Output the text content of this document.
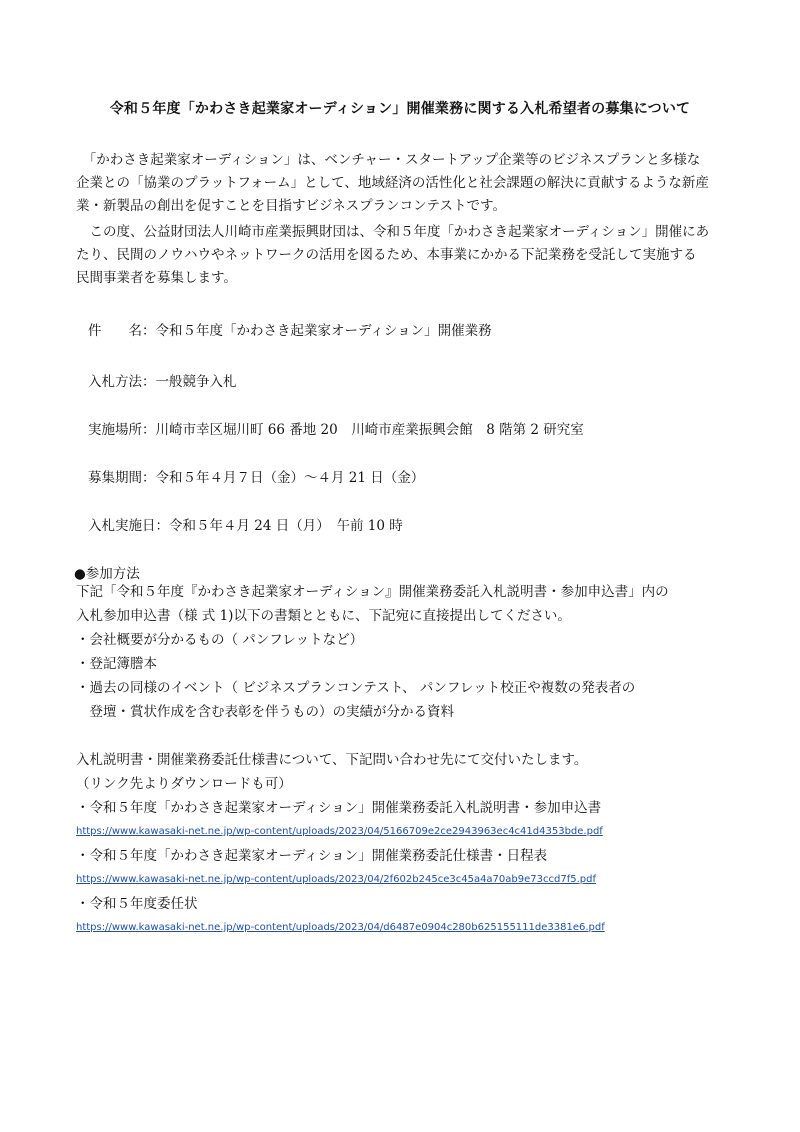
令和５年度「かわさき起業家オーディション」開催業務に関する入札希望者の募集について
　「かわさき起業家オーディション」は、ベンチャー・スタートアップ企業等のビジネスプランと多様な
企業との「協業のプラットフォーム」として、地域経済の活性化と社会課題の解決に貢献するような新産
業・新製品の創出を促すことを目指すビジネスプランコンテストです。
　この度、公益財団法人川崎市産業振興財団は、令和５年度「かわさき起業家オーディション」開催にあ
たり、民間のノウハウやネットワークの活用を図るため、本事業にかかる下記業務を受託して実施する
民間事業者を募集します。
件　　名：令和５年度「かわさき起業家オーディション」開催業務
入札方法：一般競争入札
実施場所：川崎市幸区堀川町 66 番地 20　川崎市産業振興会館　8 階第 2 研究室
募集期間：令和５年４月７日（金）～４月 21 日（金）
入札実施日：令和５年４月 24 日（月）　午前 10 時
●参加方法
下記「令和５年度『かわさき起業家オーディション』開催業務委託入札説明書・参加申込書」内の
入札参加申込書（様 式 1)以下の書類とともに、下記宛に直接提出してください。
・会社概要が分かるもの（ パンフレットなど）
・登記簿謄本
・過去の同様のイベント（ ビジネスプランコンテスト、 パンフレット校正や複数の発表者の
　登壇・賞状作成を含む表彰を伴うもの）の実績が分かる資料
入札説明書・開催業務委託仕様書について、下記問い合わせ先にて交付いたします。
（リンク先よりダウンロードも可）
・令和５年度「かわさき起業家オーディション」開催業務委託入札説明書・参加申込書
https://www.kawasaki-net.ne.jp/wp-content/uploads/2023/04/5166709e2ce2943963ec4c41d4353bde.pdf
・令和５年度「かわさき起業家オーディション」開催業務委託仕様書・日程表
https://www.kawasaki-net.ne.jp/wp-content/uploads/2023/04/2f602b245ce3c45a4a70ab9e73ccd7f5.pdf
・令和５年度委任状
https://www.kawasaki-net.ne.jp/wp-content/uploads/2023/04/d6487e0904c280b625155111de3381e6.pdf
